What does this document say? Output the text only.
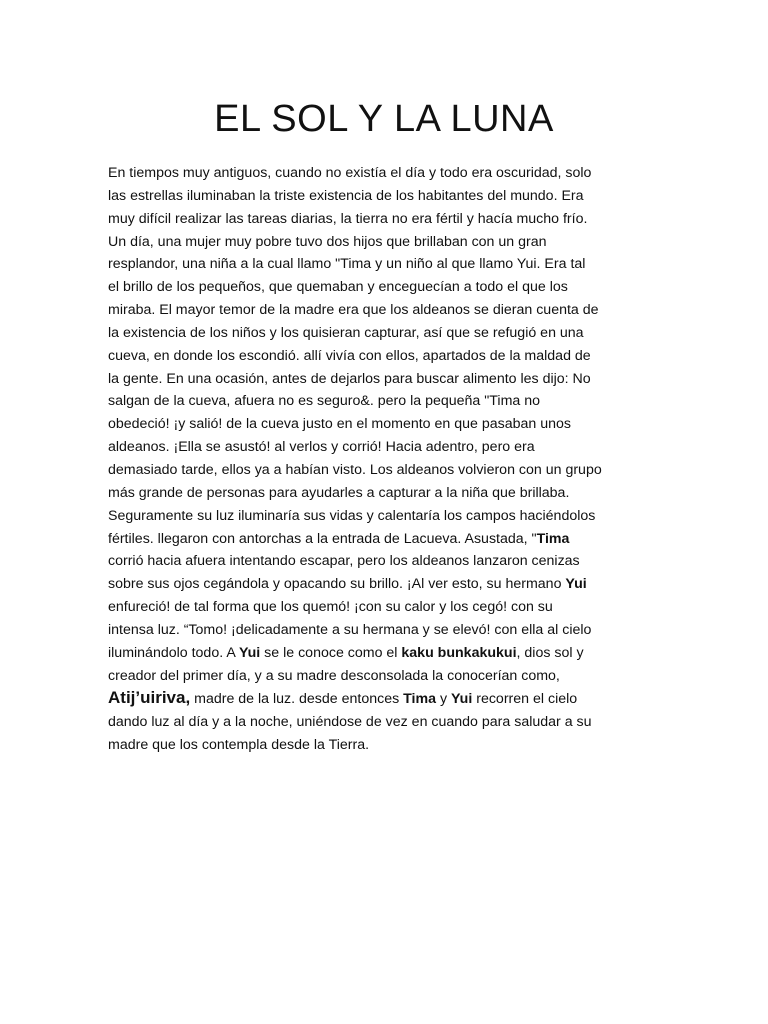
EL SOL Y LA LUNA
En tiempos muy antiguos, cuando no existía el día y todo era oscuridad, solo
las estrellas iluminaban la triste existencia de los habitantes del mundo. Era
muy difícil realizar las tareas diarias, la tierra no era fértil y hacía mucho frío.
Un día, una mujer muy pobre tuvo dos hijos que brillaban con un gran
resplandor, una niña a la cual llamo "Tima y un niño al que llamo Yui. Era tal
el brillo de los pequeños, que quemaban y enceguecían a todo el que los
miraba. El mayor temor de la madre era que los aldeanos se dieran cuenta de
la existencia de los niños y los quisieran capturar, así que se refugió en una
cueva, en donde los escondió. allí vivía con ellos, apartados de la maldad de
la gente. En una ocasión, antes de dejarlos para buscar alimento les dijo: No
salgan de la cueva, afuera no es seguro&. pero la pequeña "Tima no
obedeció! ¡y salió! de la cueva justo en el momento en que pasaban unos
aldeanos. ¡Ella se asustó! al verlos y corrió! Hacia adentro, pero era
demasiado tarde, ellos ya a habían visto. Los aldeanos volvieron con un grupo
más grande de personas para ayudarles a capturar a la niña que brillaba.
Seguramente su luz iluminaría sus vidas y calentaría los campos haciéndolos
fértiles. llegaron con antorchas a la entrada de Lacueva. Asustada, "Tima
corrió hacia afuera intentando escapar, pero los aldeanos lanzaron cenizas
sobre sus ojos cegándola y opacando su brillo. ¡Al ver esto, su hermano Yui
enfureció! de tal forma que los quemó! ¡con su calor y los cegó! con su
intensa luz. “Tomo! ¡delicadamente a su hermana y se elevó! con ella al cielo
iluminándolo todo. A Yui se le conoce como el kaku bunkakukui, dios sol y
creador del primer día, y a su madre desconsolada la conocerían como,
Atij’uiriva, madre de la luz. desde entonces Tima y Yui recorren el cielo
dando luz al día y a la noche, uniéndose de vez en cuando para saludar a su
madre que los contempla desde la Tierra.
